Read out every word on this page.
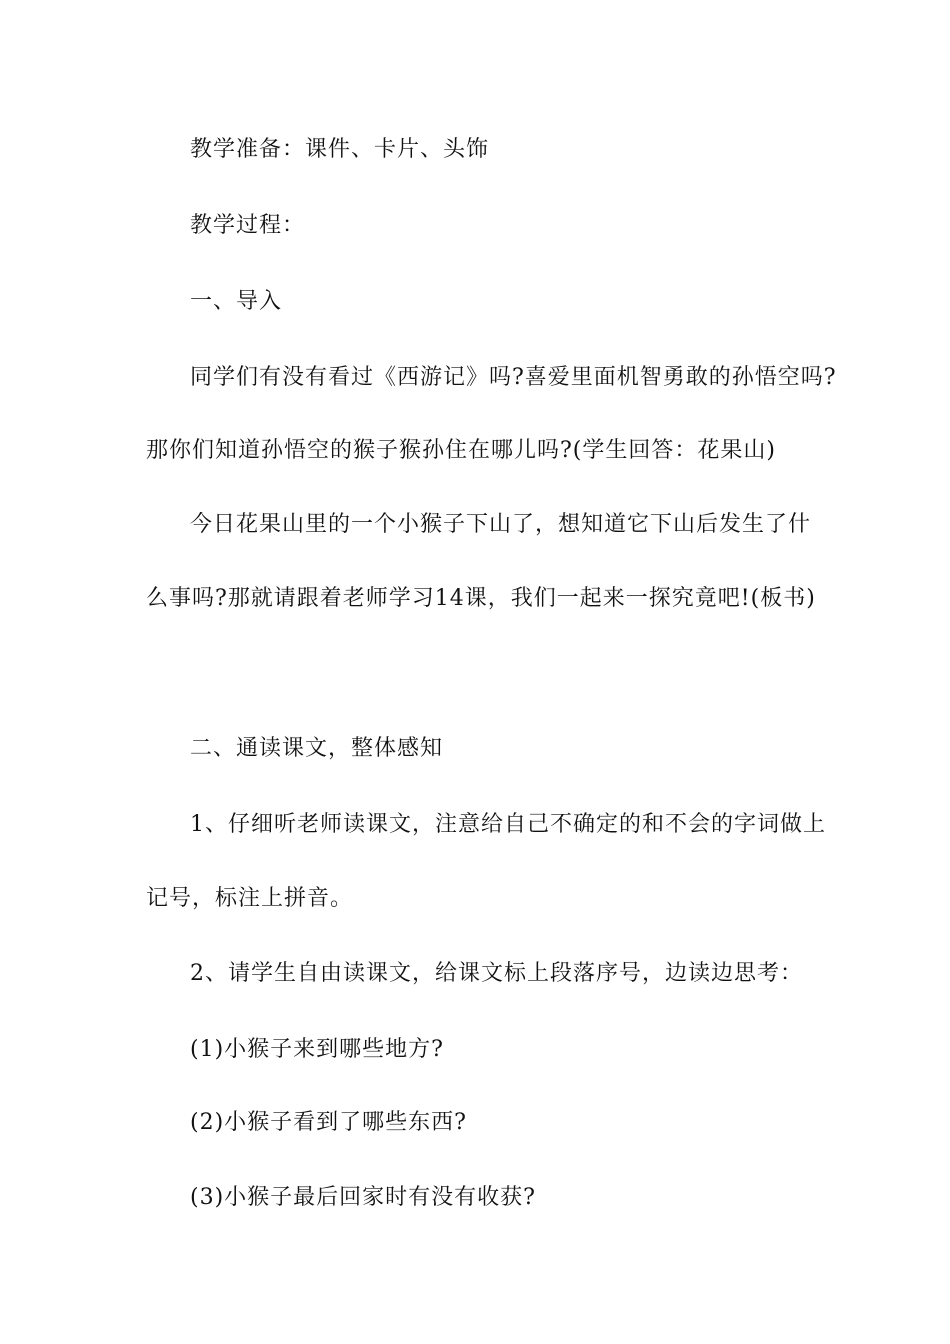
教学准备：课件、卡片、头饰
教学过程：
一、导入
同学们有没有看过《西游记》吗?喜爱里面机智勇敢的孙悟空吗?
那你们知道孙悟空的猴子猴孙住在哪儿吗?(学生回答：花果山)
今日花果山里的一个小猴子下山了，想知道它下山后发生了什
么事吗?那就请跟着老师学习14课，我们一起来一探究竟吧!(板书)
二、通读课文，整体感知
1、仔细听老师读课文，注意给自己不确定的和不会的字词做上
记号，标注上拼音。
2、请学生自由读课文，给课文标上段落序号，边读边思考：
(1)小猴子来到哪些地方?
(2)小猴子看到了哪些东西?
(3)小猴子最后回家时有没有收获?
